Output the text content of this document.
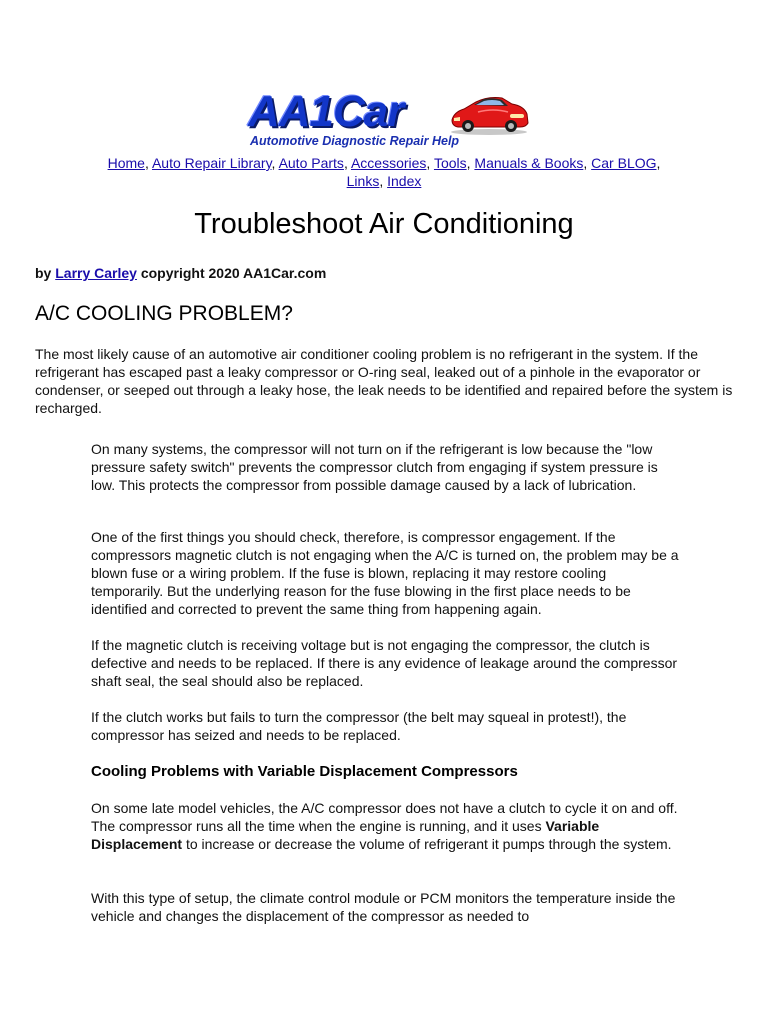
AA1Car
Automotive Diagnostic Repair Help
Home, Auto Repair Library, Auto Parts, Accessories, Tools, Manuals & Books, Car BLOG, Links, Index
Troubleshoot Air Conditioning
by Larry Carley copyright 2020 AA1Car.com
A/C COOLING PROBLEM?

The most likely cause of an automotive air conditioner cooling problem is no refrigerant in the system. If the refrigerant has escaped past a leaky compressor or O-ring seal, leaked out of a pinhole in the evaporator or condenser, or seeped out through a leaky hose, the leak needs to be identified and repaired before the system is recharged.

On many systems, the compressor will not turn on if the refrigerant is low because the "low pressure safety switch" prevents the compressor clutch from engaging if system pressure is low. This protects the compressor from possible damage caused by a lack of lubrication.

One of the first things you should check, therefore, is compressor engagement. If the compressors magnetic clutch is not engaging when the A/C is turned on, the problem may be a blown fuse or a wiring problem. If the fuse is blown, replacing it may restore cooling temporarily. But the underlying reason for the fuse blowing in the first place needs to be identified and corrected to prevent the same thing from happening again.

If the magnetic clutch is receiving voltage but is not engaging the compressor, the clutch is defective and needs to be replaced. If there is any evidence of leakage around the compressor shaft seal, the seal should also be replaced.

If the clutch works but fails to turn the compressor (the belt may squeal in protest!), the compressor has seized and needs to be replaced.

Cooling Problems with Variable Displacement Compressors

On some late model vehicles, the A/C compressor does not have a clutch to cycle it on and off. The compressor runs all the time when the engine is running, and it uses Variable Displacement to increase or decrease the volume of refrigerant it pumps through the system.

With this type of setup, the climate control module or PCM monitors the temperature inside the vehicle and changes the displacement of the compressor as needed to
